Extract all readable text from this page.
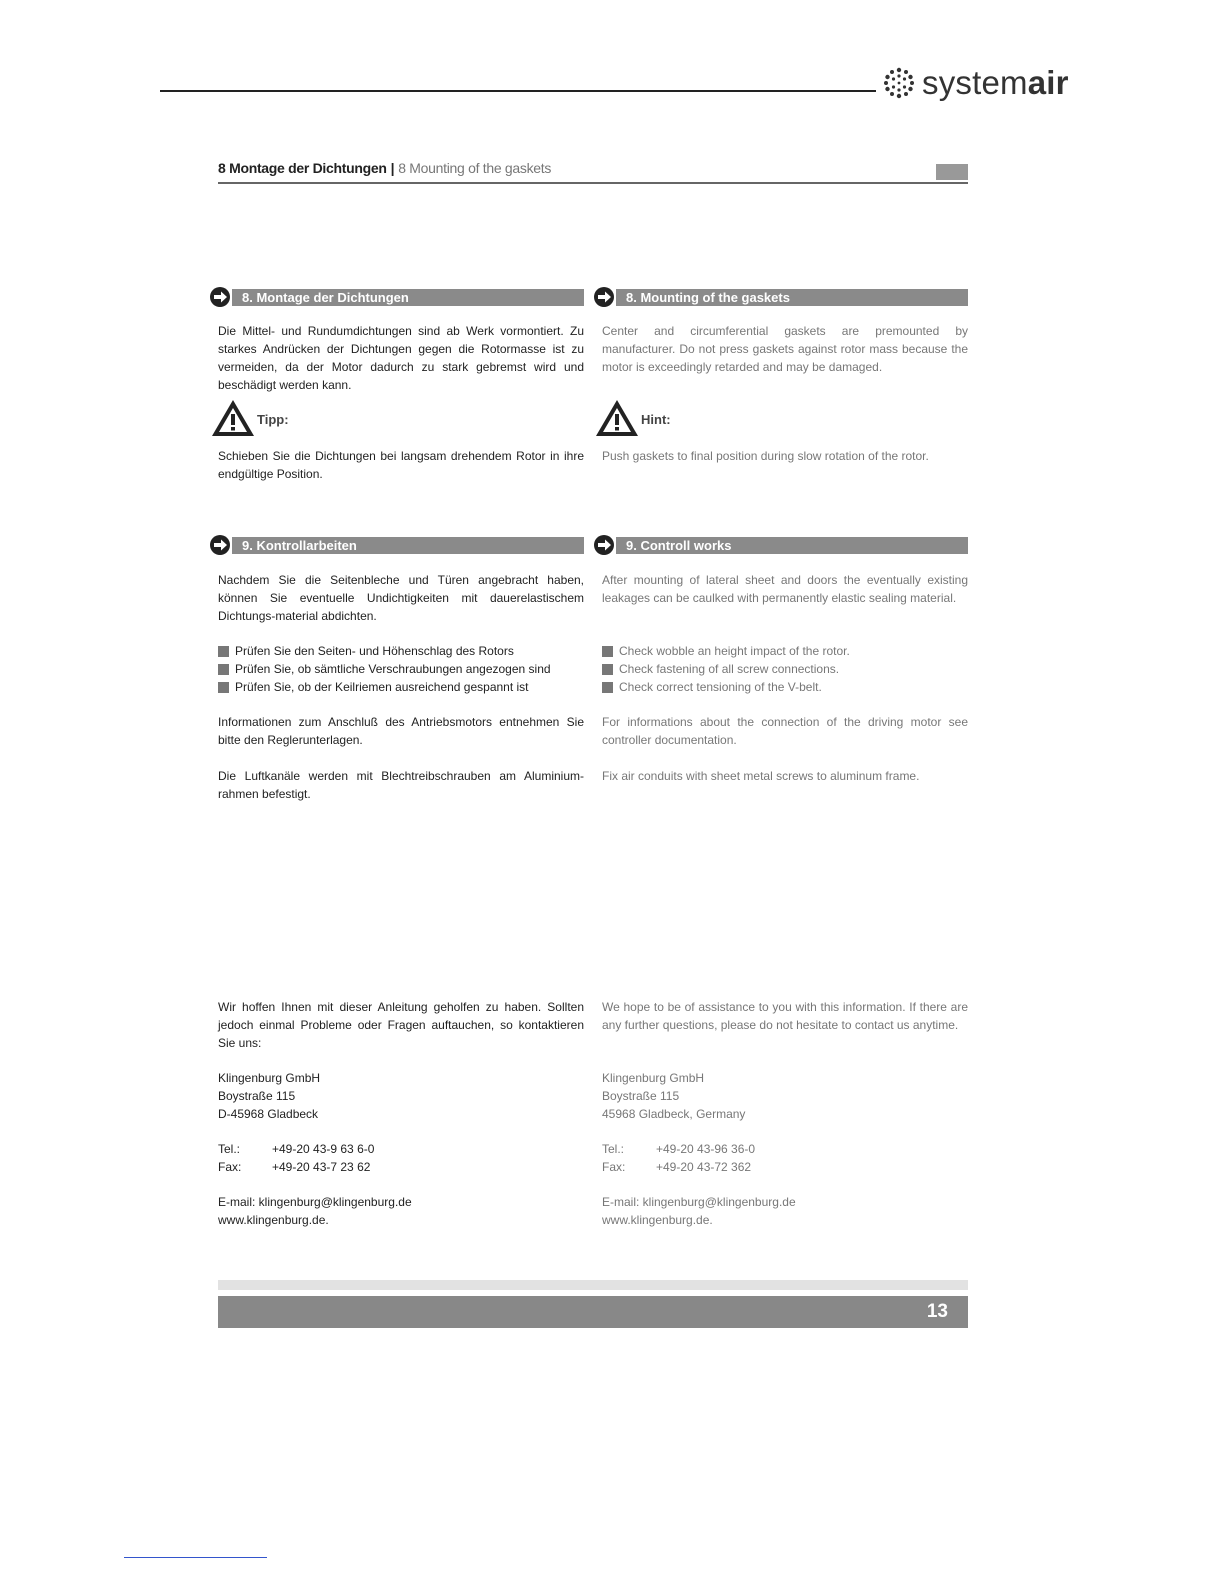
systemair
8 Montage der Dichtungen | 8 Mounting of the gaskets
8. Montage der Dichtungen	8. Mounting of the gaskets
Die Mittel- und Rundumdichtungen sind ab Werk vormontiert. Zu starkes Andrücken der Dichtungen gegen die Rotormasse ist zu vermeiden, da der Motor dadurch zu stark gebremst wird und beschädigt werden kann.
Center and circumferential gaskets are premounted by manufacturer. Do not press gaskets against rotor mass because the motor is exceedingly retarded and may be damaged.
Tipp:	Hint:
Schieben Sie die Dichtungen bei langsam drehendem Rotor in ihre endgültige Position.
Push gaskets to final position during slow rotation of the rotor.
9. Kontrollarbeiten	9. Controll works
Nachdem Sie die Seitenbleche und Türen angebracht haben, können Sie eventuelle Undichtigkeiten mit dauerelastischem Dichtungs-material abdichten.
After mounting of lateral sheet and doors the eventually existing leakages can be caulked with permanently elastic sealing material.
Prüfen Sie den Seiten- und Höhenschlag des Rotors
Prüfen Sie, ob sämtliche Verschraubungen angezogen sind
Prüfen Sie, ob der Keilriemen ausreichend gespannt ist
Check wobble an height impact of the rotor.
Check fastening of all screw connections.
Check correct tensioning of the V-belt.
Informationen zum Anschluß des Antriebsmotors entnehmen Sie bitte den Reglerunterlagen.
For informations about the connection of the driving motor see controller documentation.
Die Luftkanäle werden mit Blechtreibschrauben am Aluminium-rahmen befestigt.
Fix air conduits with sheet metal screws to aluminum frame.
Wir hoffen Ihnen mit dieser Anleitung geholfen zu haben. Sollten jedoch einmal Probleme oder Fragen auftauchen, so kontaktieren Sie uns:
We hope to be of assistance to you with this information. If there are any further questions, please do not hesitate to contact us anytime.
Klingenburg GmbH
Boystraße 115
D-45968 Gladbeck
Klingenburg GmbH
Boystraße 115
45968 Gladbeck, Germany
Tel.:	+49-20 43-9 63 6-0
Fax:	+49-20 43-7 23 62
Tel.:	+49-20 43-96 36-0
Fax:	+49-20 43-72 362
E-mail: klingenburg@klingenburg.de
www.klingenburg.de.
E-mail: klingenburg@klingenburg.de
www.klingenburg.de.
13
